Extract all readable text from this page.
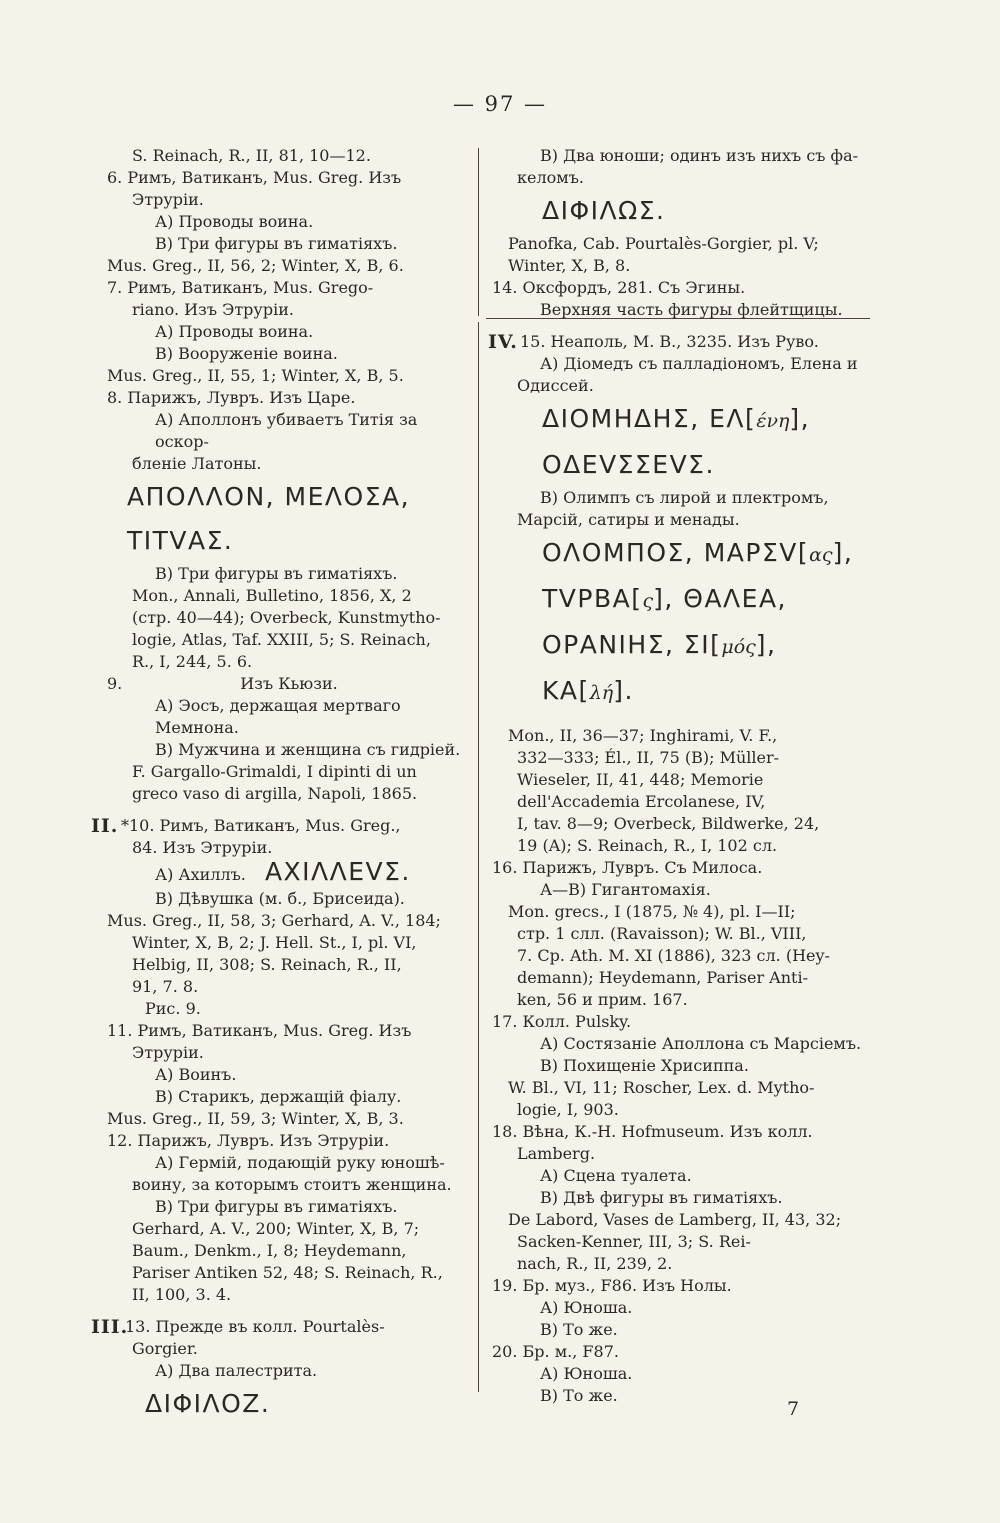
— 97 —

S. Reinach, R., II, 81, 10—12.

6. Римъ, Ватиканъ, Mus. Greg. Изъ

Этруріи.

А) Проводы воина.

В) Три фигуры въ гиматіяхъ.

Mus. Greg., II, 56, 2; Winter, X, B, 6.

7. Римъ, Ватиканъ, Mus. Grego-

riano. Изъ Этруріи.

А) Проводы воина.

В) Вооруженіе воина.

Mus. Greg., II, 55, 1; Winter, X, B, 5.

8. Парижъ, Лувръ. Изъ Царе.

А) Аполлонъ убиваетъ Титія за оскор-

бленіе Латоны.

ΑΠΟΛΛΟΝ, ΜΕΛΟΣΑ, ΤΙΤVΑΣ.

В) Три фигуры въ гиматіяхъ.

Mon., Annali, Bulletino, 1856, X, 2

(стр. 40—44); Overbeck, Kunstmytho-

logie, Atlas, Taf. XXIII, 5; S. Reinach,

R., I, 244, 5. 6.

9.	Изъ Кьюзи.

А) Эосъ, держащая мертваго Мемнона.

В) Мужчина и женщина съ гидріей.

F. Gargallo-Grimaldi, I dipinti di un

greco vaso di argilla, Napoli, 1865.

II. *10. Римъ, Ватиканъ, Mus. Greg.,

84. Изъ Этруріи.

А) Ахиллъ. ΑΧΙΛΛΕVΣ.

В) Дѣвушка (м. б., Брисеида).

Mus. Greg., II, 58, 3; Gerhard, A. V., 184;

Winter, X, B, 2; J. Hell. St., I, pl. VI,

Helbig, II, 308; S. Reinach, R., II,

91, 7. 8.

Рис. 9.

11. Римъ, Ватиканъ, Mus. Greg. Изъ

Этруріи.

А) Воинъ.

В) Старикъ, держащій фіалу.

Mus. Greg., II, 59, 3; Winter, X, B, 3.

12. Парижъ, Лувръ. Изъ Этруріи.

А) Гермій, подающій руку юношѣ-

воину, за которымъ стоитъ женщина.

В) Три фигуры въ гиматіяхъ.

Gerhard, A. V., 200; Winter, X, B, 7;

Baum., Denkm., I, 8; Heydemann,

Pariser Antiken 52, 48; S. Reinach, R.,

II, 100, 3. 4.

III.
13. Прежде въ колл. Pourtalès-

Gorgier.

А) Два палестрита.

ΔΙΦΙΛΟΖ.

В) Два юноши; одинъ изъ нихъ съ фа-

келомъ.

ΔΙΦΙΛΩΣ.

Panofka, Cab. Pourtalès-Gorgier, pl. V;

Winter, X, B, 8.

14. Оксфордъ, 281. Съ Эгины.

Верхняя часть фигуры флейтщицы.

IV. 15. Неаполь, M. B., 3235. Изъ Рувo.

А) Діомедъ съ палладіономъ, Елена и

Одиссей.

ΔΙΟΜΗΔΗΣ, ΕΛ[ένη],

ΟΔΕVΣΣΕVΣ.

В) Олимпъ съ лирой и плектромъ,

Марсій, сатиры и менады.

ΟΛΟΜΠΟΣ, ΜΑΡΣV[ας],

ΤVΡΒΑ[ς], ΘΑΛΕΑ,

ΟΡΑΝΙΗΣ, ΣΙ[μός], ΚΑ[λή].

Mon., II, 36—37; Inghirami, V. F.,

332—333; Él., II, 75 (B); Müller-

Wieseler, II, 41, 448; Memorie

dell'Accademia Ercolanese, IV,

I, tav. 8—9; Overbeck, Bildwerke, 24,

19 (A); S. Reinach, R., I, 102 сл.

16. Парижъ, Лувръ. Съ Милоса.

А—В) Гигантомахія.

Mon. grecs., I (1875, № 4), pl. I—II;

стр. 1 слл. (Ravaisson); W. Bl., VIII,

7. Ср. Ath. M. XI (1886), 323 сл. (Hey-

demann); Heydemann, Pariser Anti-

ken, 56 и прим. 167.

17. Колл. Pulsky.

А) Состязаніе Аполлона съ Марсіемъ.

В) Похищеніе Хрисиппа.

W. Bl., VI, 11; Roscher, Lex. d. Mytho-

logie, I, 903.

18. Вѣна, К.-Н. Hofmuseum. Изъ колл.

Lamberg.

А) Сцена туалета.

В) Двѣ фигуры въ гиматіяхъ.

De Labord, Vases de Lamberg, II, 43, 32;

Sacken-Kenner, III, 3; S. Rei-

nach, R., II, 239, 2.

19. Бр. муз., F86. Изъ Нолы.

А) Юноша.

В) То же.

20. Бр. м., F87.

А) Юноша.

В) То же.

7
